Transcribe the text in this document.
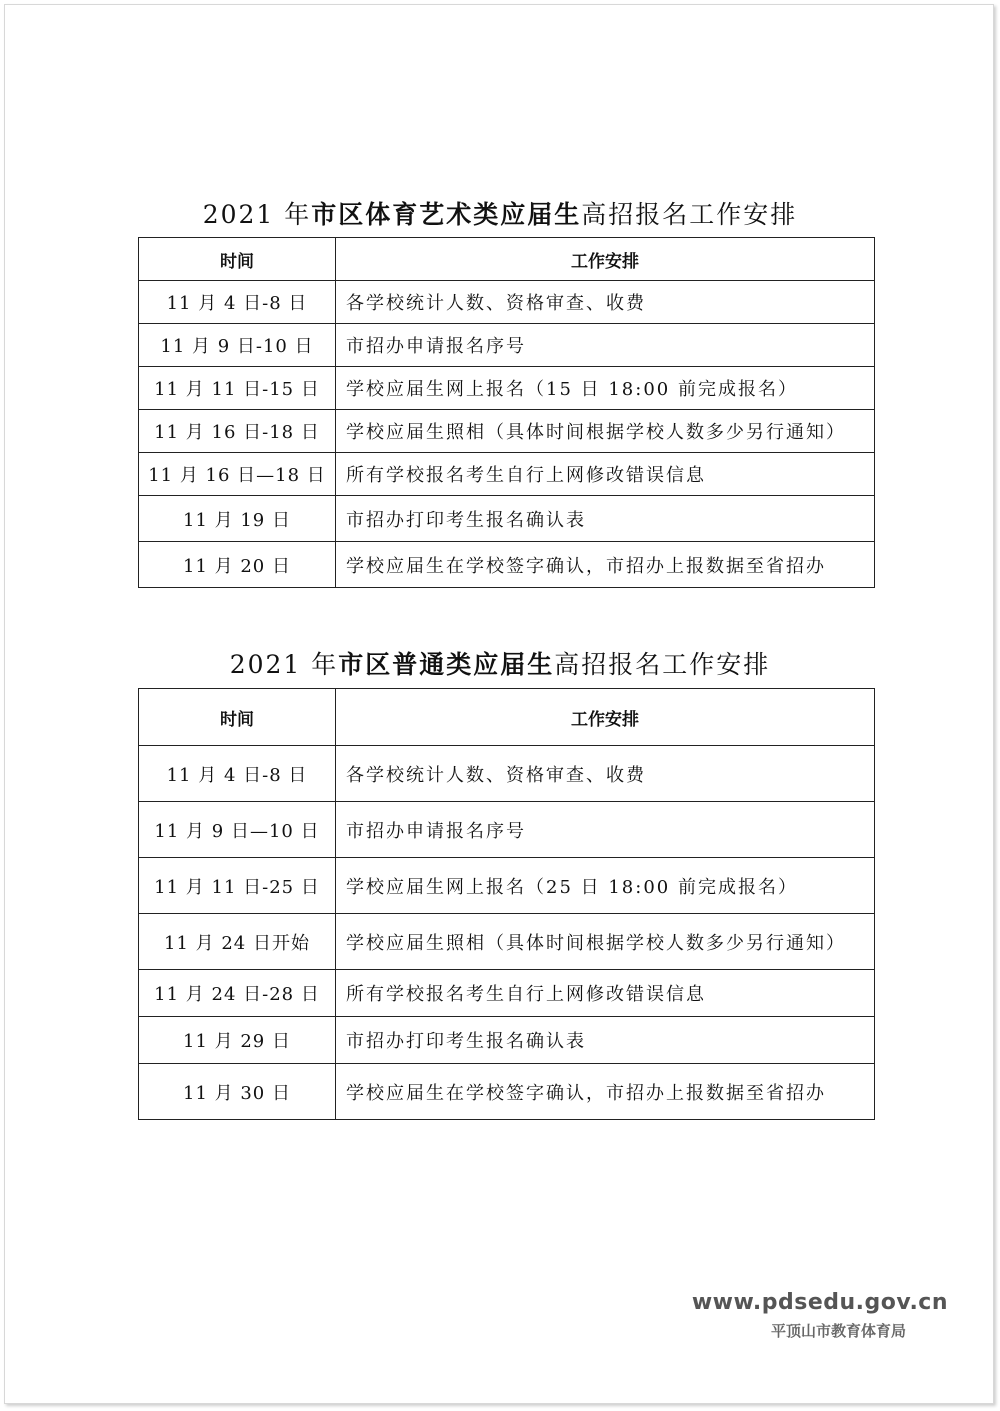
2021 年市区体育艺术类应届生高招报名工作安排
时间	工作安排
11 月 4 日-8 日	各学校统计人数、资格审查、收费
11 月 9 日-10 日	市招办申请报名序号
11 月 11 日-15 日	学校应届生网上报名（15 日 18:00 前完成报名）
11 月 16 日-18 日	学校应届生照相（具体时间根据学校人数多少另行通知）
11 月 16 日—18 日	所有学校报名考生自行上网修改错误信息
11 月 19 日	市招办打印考生报名确认表
11 月 20 日	学校应届生在学校签字确认，市招办上报数据至省招办
2021 年市区普通类应届生高招报名工作安排
时间	工作安排
11 月 4 日-8 日	各学校统计人数、资格审查、收费
11 月 9 日—10 日	市招办申请报名序号
11 月 11 日-25 日	学校应届生网上报名（25 日 18:00 前完成报名）
11 月 24 日开始	学校应届生照相（具体时间根据学校人数多少另行通知）
11 月 24 日-28 日	所有学校报名考生自行上网修改错误信息
11 月 29 日	市招办打印考生报名确认表
11 月 30 日	学校应届生在学校签字确认，市招办上报数据至省招办
www.pdsedu.gov.cn
平顶山市教育体育局
